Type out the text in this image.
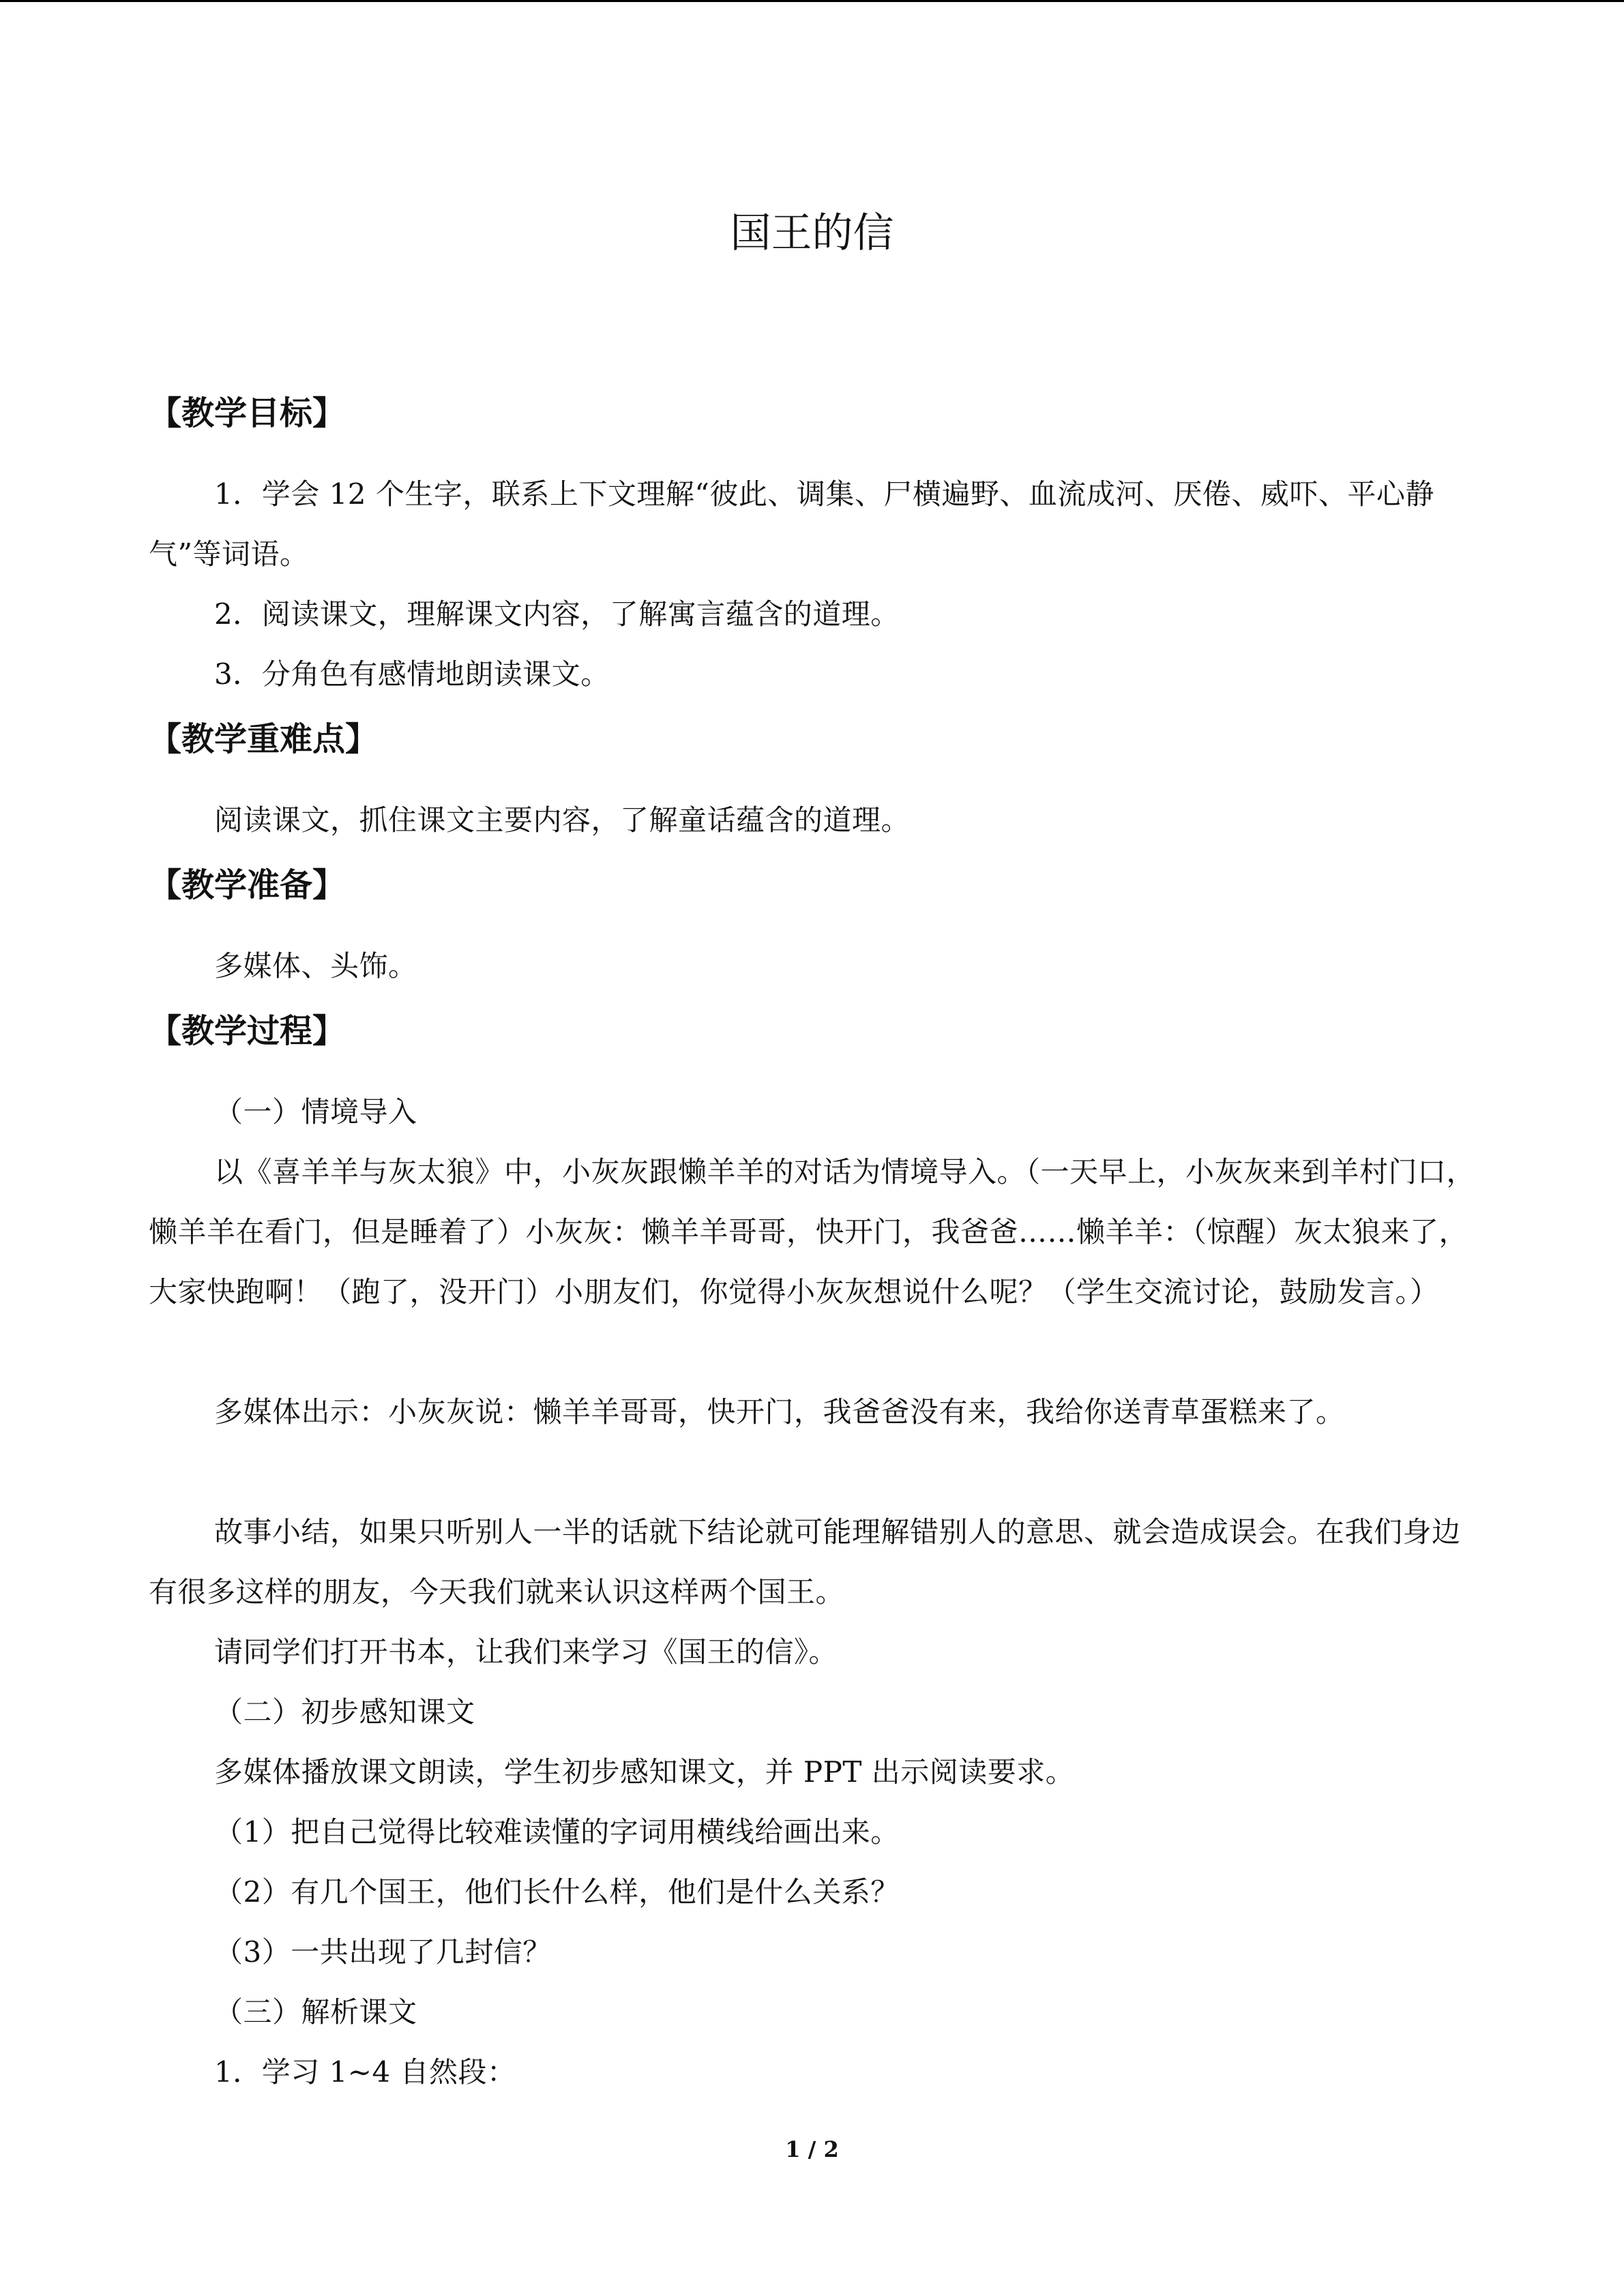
国王的信
【教学目标】

1．学会 12 个生字，联系上下文理解“彼此、调集、尸横遍野、血流成河、厌倦、威吓、平心静气”等词语。

2．阅读课文，理解课文内容，了解寓言蕴含的道理。

3．分角色有感情地朗读课文。

【教学重难点】

阅读课文，抓住课文主要内容，了解童话蕴含的道理。

【教学准备】

多媒体、头饰。

【教学过程】

（一）情境导入

以《喜羊羊与灰太狼》中，小灰灰跟懒羊羊的对话为情境导入。（一天早上，小灰灰来到羊村门口，懒羊羊在看门，但是睡着了）小灰灰：懒羊羊哥哥，快开门，我爸爸……懒羊羊：（惊醒）灰太狼来了，大家快跑啊！（跑了，没开门）小朋友们，你觉得小灰灰想说什么呢？（学生交流讨论，鼓励发言。）

多媒体出示：小灰灰说：懒羊羊哥哥，快开门，我爸爸没有来，我给你送青草蛋糕来了。

故事小结，如果只听别人一半的话就下结论就可能理解错别人的意思、就会造成误会。在我们身边有很多这样的朋友，今天我们就来认识这样两个国王。

请同学们打开书本，让我们来学习《国王的信》。

（二）初步感知课文

多媒体播放课文朗读，学生初步感知课文，并 PPT 出示阅读要求。

（1）把自己觉得比较难读懂的字词用横线给画出来。

（2）有几个国王，他们长什么样，他们是什么关系？

（3）一共出现了几封信？

（三）解析课文

1．学习 1~4 自然段：

1 / 2
